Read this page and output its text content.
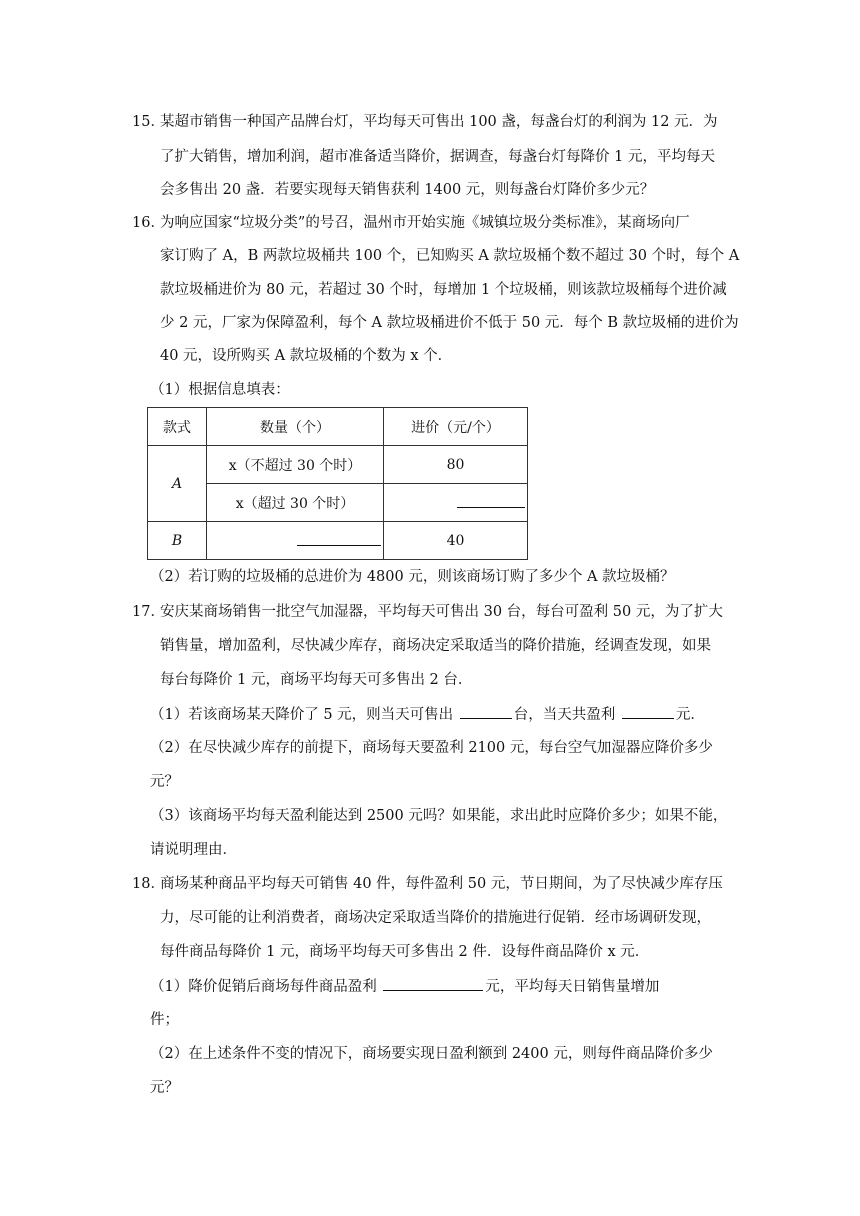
15．
某超市销售一种国产品牌台灯，平均每天可售出 100 盏，每盏台灯的利润为 12 元．为
了扩大销售，增加利润，超市准备适当降价，据调查，每盏台灯每降价 1 元，平均每天
会多售出 20 盏．若要实现每天销售获利 1400 元，则每盏台灯降价多少元？
16．
为响应国家“垃圾分类”的号召，温州市开始实施《城镇垃圾分类标准》，某商场向厂
家订购了 A，B 两款垃圾桶共 100 个，已知购买 A 款垃圾桶个数不超过 30 个时，每个 A
款垃圾桶进价为 80 元，若超过 30 个时，每增加 1 个垃圾桶，则该款垃圾桶每个进价减
少 2 元，厂家为保障盈利，每个 A 款垃圾桶进价不低于 50 元．每个 B 款垃圾桶的进价为
40 元，设所购买 A 款垃圾桶的个数为 x 个．
（1）根据信息填表：
款式	数量（个）	进价（元/个）
A	x（不超过 30 个时）	80
	x（超过 30 个时）	
B		40
（2）若订购的垃圾桶的总进价为 4800 元，则该商场订购了多少个 A 款垃圾桶？
17．
安庆某商场销售一批空气加湿器，平均每天可售出 30 台，每台可盈利 50 元，为了扩大
销售量，增加盈利，尽快减少库存，商场决定采取适当的降价措施，经调查发现，如果
每台每降价 1 元，商场平均每天可多售出 2 台．
（1）若该商场某天降价了 5 元，则当天可售出	台，当天共盈利	元．
（2）在尽快减少库存的前提下，商场每天要盈利 2100 元，每台空气加湿器应降价多少
元？
（3）该商场平均每天盈利能达到 2500 元吗？如果能，求出此时应降价多少；如果不能，
请说明理由．
18．
商场某种商品平均每天可销售 40 件，每件盈利 50 元，节日期间，为了尽快减少库存压
力，尽可能的让利消费者，商场决定采取适当降价的措施进行促销．经市场调研发现，
每件商品每降价 1 元，商场平均每天可多售出 2 件．设每件商品降价 x 元．
（1）降价促销后商场每件商品盈利	元，平均每天日销售量增加
件；
（2）在上述条件不变的情况下，商场要实现日盈利额到 2400 元，则每件商品降价多少
元？
